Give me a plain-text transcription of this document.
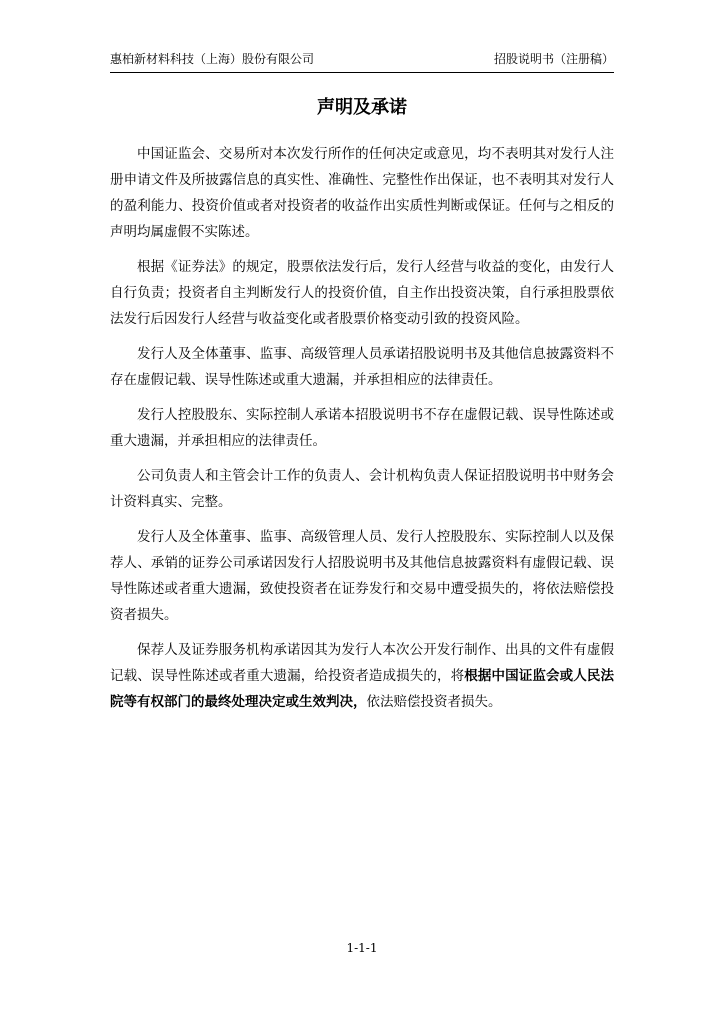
惠柏新材料科技（上海）股份有限公司	招股说明书（注册稿）
声明及承诺

中国证监会、交易所对本次发行所作的任何决定或意见，均不表明其对发行人注册申请文件及所披露信息的真实性、准确性、完整性作出保证，也不表明其对发行人的盈利能力、投资价值或者对投资者的收益作出实质性判断或保证。任何与之相反的声明均属虚假不实陈述。

根据《证券法》的规定，股票依法发行后，发行人经营与收益的变化，由发行人自行负责；投资者自主判断发行人的投资价值，自主作出投资决策，自行承担股票依法发行后因发行人经营与收益变化或者股票价格变动引致的投资风险。

发行人及全体董事、监事、高级管理人员承诺招股说明书及其他信息披露资料不存在虚假记载、误导性陈述或重大遗漏，并承担相应的法律责任。

发行人控股股东、实际控制人承诺本招股说明书不存在虚假记载、误导性陈述或重大遗漏，并承担相应的法律责任。

公司负责人和主管会计工作的负责人、会计机构负责人保证招股说明书中财务会计资料真实、完整。

发行人及全体董事、监事、高级管理人员、发行人控股股东、实际控制人以及保荐人、承销的证券公司承诺因发行人招股说明书及其他信息披露资料有虚假记载、误导性陈述或者重大遗漏，致使投资者在证券发行和交易中遭受损失的，将依法赔偿投资者损失。

保荐人及证券服务机构承诺因其为发行人本次公开发行制作、出具的文件有虚假记载、误导性陈述或者重大遗漏，给投资者造成损失的，将根据中国证监会或人民法院等有权部门的最终处理决定或生效判决，依法赔偿投资者损失。

1-1-1
